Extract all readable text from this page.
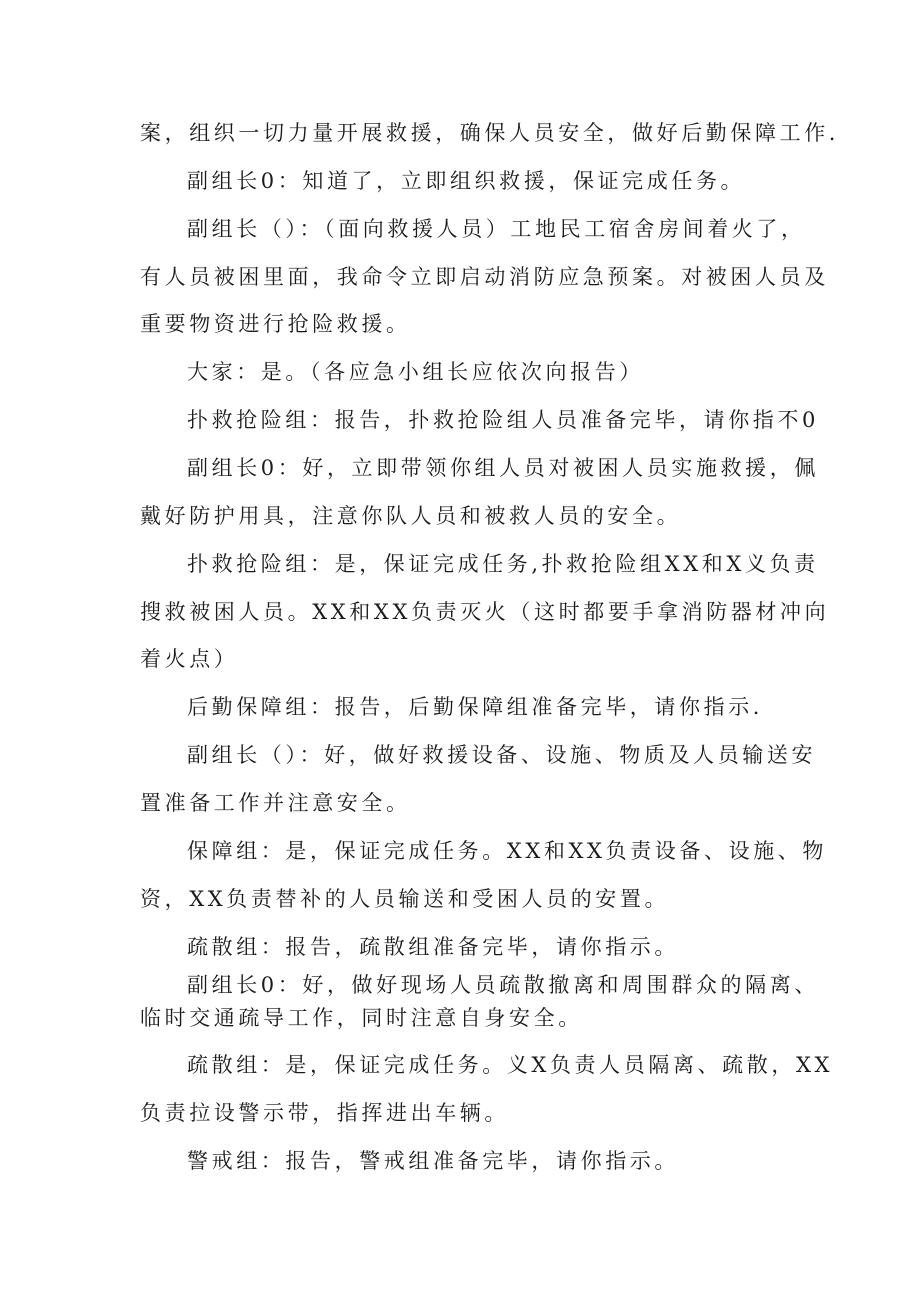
案，组织一切力量开展救援，确保人员安全，做好后勤保障工作.

副组长0：知道了，立即组织救援，保证完成任务。

副组长（）：（面向救援人员）工地民工宿舍房间着火了，

有人员被困里面，我命令立即启动消防应急预案。对被困人员及

重要物资进行抢险救援。

大家：是。（各应急小组长应依次向报告）

扑救抢险组：报告，扑救抢险组人员准备完毕，请你指不0

副组长0：好，立即带领你组人员对被困人员实施救援，佩

戴好防护用具，注意你队人员和被救人员的安全。

扑救抢险组：是，保证完成任务,扑救抢险组XX和X义负责

搜救被困人员。XX和XX负责灭火（这时都要手拿消防器材冲向

着火点）

后勤保障组：报告，后勤保障组准备完毕，请你指示.

副组长（）：好，做好救援设备、设施、物质及人员输送安

置准备工作并注意安全。

保障组：是，保证完成任务。XX和XX负责设备、设施、物

资，XX负责替补的人员输送和受困人员的安置。

疏散组：报告，疏散组准备完毕，请你指示。

副组长0：好，做好现场人员疏散撤离和周围群众的隔离、

临时交通疏导工作，同时注意自身安全。

疏散组：是，保证完成任务。义X负责人员隔离、疏散，XX

负责拉设警示带，指挥进出车辆。

警戒组：报告，警戒组准备完毕，请你指示。
